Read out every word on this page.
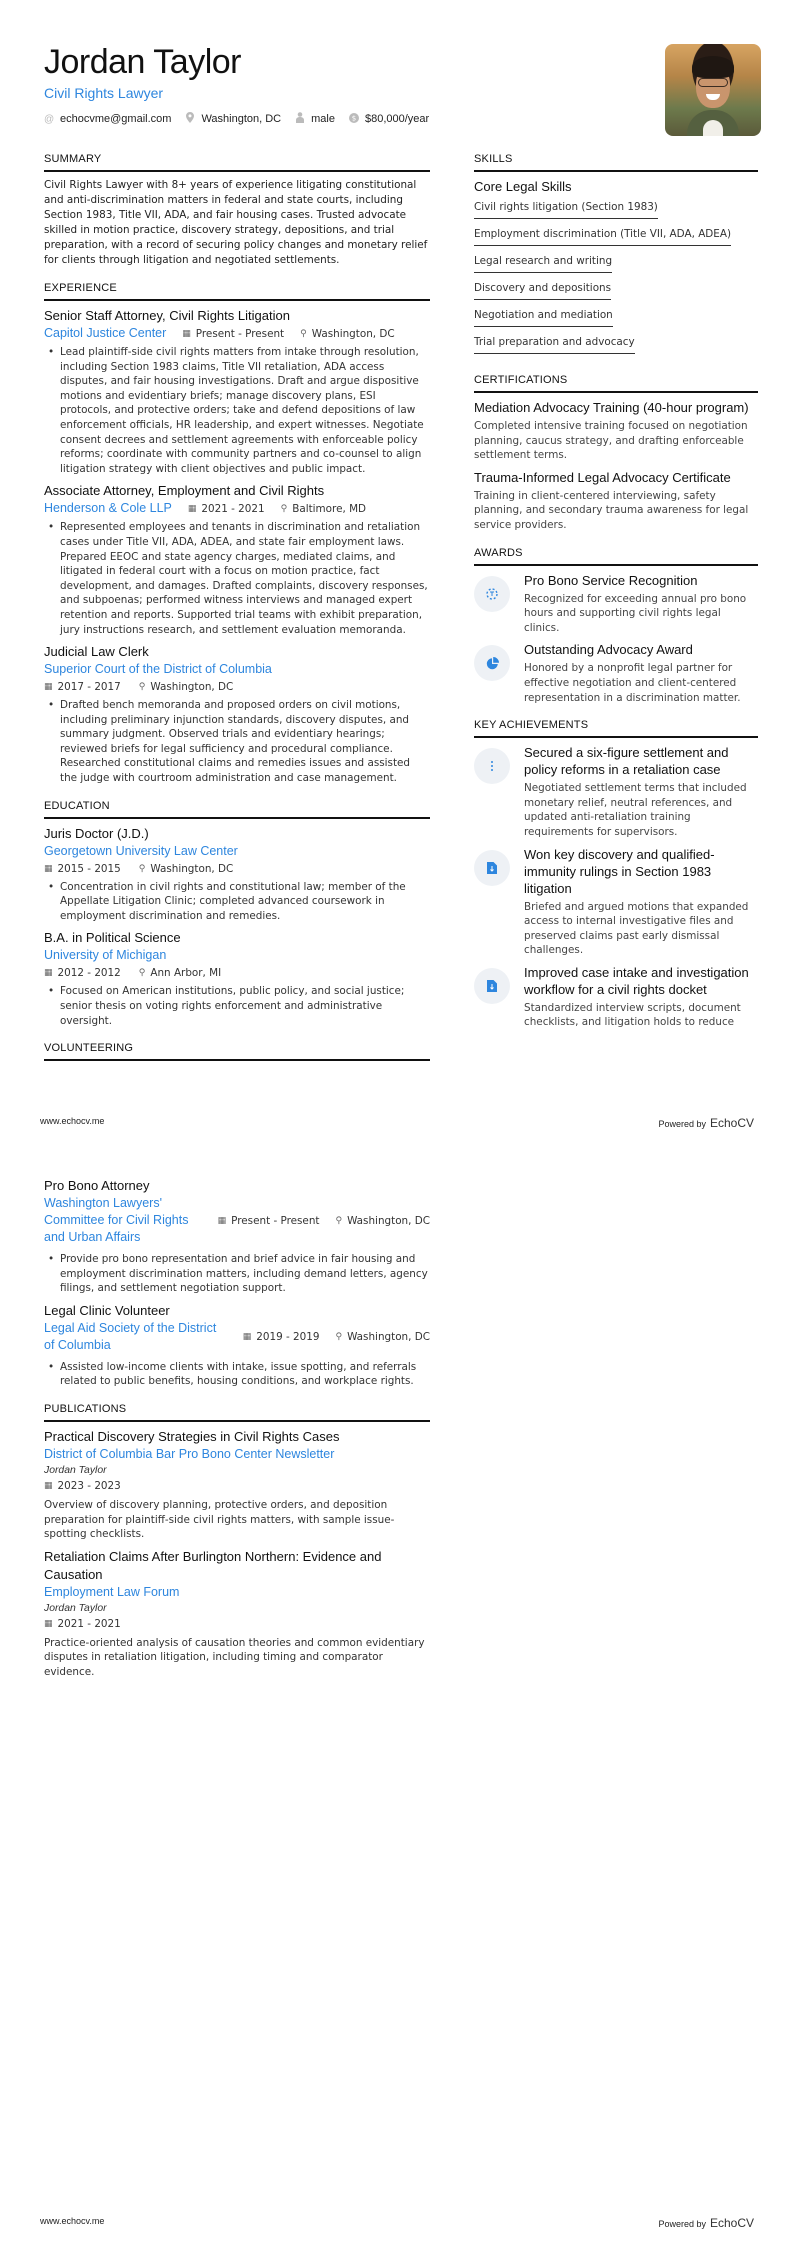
Jordan Taylor
Civil Rights Lawyer
@ echocvme@gmail.com	Washington, DC	male $ $80,000/year
SUMMARY
Civil Rights Lawyer with 8+ years of experience litigating constitutional and anti-discrimination matters in federal and state courts, including Section 1983, Title VII, ADA, and fair housing cases. Trusted advocate skilled in motion practice, discovery strategy, depositions, and trial preparation, with a record of securing policy changes and monetary relief for clients through litigation and negotiated settlements.
EXPERIENCE
Senior Staff Attorney, Civil Rights Litigation
Capitol Justice Center ▦ Present - Present ⚲ Washington, DC
• Lead plaintiff-side civil rights matters from intake through resolution, including Section 1983 claims, Title VII retaliation, ADA access disputes, and fair housing investigations. Draft and argue dispositive motions and evidentiary briefs; manage discovery plans, ESI protocols, and protective orders; take and defend depositions of law enforcement officials, HR leadership, and expert witnesses. Negotiate consent decrees and settlement agreements with enforceable policy reforms; coordinate with community partners and co-counsel to align litigation strategy with client objectives and public impact.
Associate Attorney, Employment and Civil Rights
Henderson & Cole LLP ▦ 2021 - 2021 ⚲ Baltimore, MD
• Represented employees and tenants in discrimination and retaliation cases under Title VII, ADA, ADEA, and state fair employment laws. Prepared EEOC and state agency charges, mediated claims, and litigated in federal court with a focus on motion practice, fact development, and damages. Drafted complaints, discovery responses, and subpoenas; performed witness interviews and managed expert retention and reports. Supported trial teams with exhibit preparation, jury instructions research, and settlement evaluation memoranda.
Judicial Law Clerk
Superior Court of the District of Columbia
▦ 2017 - 2017 ⚲ Washington, DC
• Drafted bench memoranda and proposed orders on civil motions, including preliminary injunction standards, discovery disputes, and summary judgment. Observed trials and evidentiary hearings; reviewed briefs for legal sufficiency and procedural compliance. Researched constitutional claims and remedies issues and assisted the judge with courtroom administration and case management.
EDUCATION
Juris Doctor (J.D.)
Georgetown University Law Center
▦ 2015 - 2015 ⚲ Washington, DC
• Concentration in civil rights and constitutional law; member of the Appellate Litigation Clinic; completed advanced coursework in employment discrimination and remedies.
B.A. in Political Science
University of Michigan
▦ 2012 - 2012 ⚲ Ann Arbor, MI
• Focused on American institutions, public policy, and social justice; senior thesis on voting rights enforcement and administrative oversight.
VOLUNTEERING
SKILLS
Core Legal Skills
Civil rights litigation (Section 1983)
Employment discrimination (Title VII, ADA, ADEA)
Legal research and writing
Discovery and depositions
Negotiation and mediation
Trial preparation and advocacy
CERTIFICATIONS
Mediation Advocacy Training (40-hour program)
Completed intensive training focused on negotiation planning, caucus strategy, and drafting enforceable settlement terms.
Trauma-Informed Legal Advocacy Certificate
Training in client-centered interviewing, safety planning, and secondary trauma awareness for legal service providers.
AWARDS
Pro Bono Service Recognition
Recognized for exceeding annual pro bono hours and supporting civil rights legal clinics.
Outstanding Advocacy Award
Honored by a nonprofit legal partner for effective negotiation and client-centered representation in a discrimination matter.
KEY ACHIEVEMENTS
Secured a six-figure settlement and policy reforms in a retaliation case
Negotiated settlement terms that included monetary relief, neutral references, and updated anti-retaliation training requirements for supervisors.
Won key discovery and qualified-immunity rulings in Section 1983 litigation
Briefed and argued motions that expanded access to internal investigative files and preserved claims past early dismissal challenges.
Improved case intake and investigation workflow for a civil rights docket
Standardized interview scripts, document checklists, and litigation holds to reduce
www.echocv.me	Powered by EchoCV
Pro Bono Attorney
Washington Lawyers' Committee for Civil Rights and Urban Affairs
▦ Present - Present ⚲ Washington, DC
• Provide pro bono representation and brief advice in fair housing and employment discrimination matters, including demand letters, agency filings, and settlement negotiation support.
Legal Clinic Volunteer
Legal Aid Society of the District of Columbia
▦ 2019 - 2019 ⚲ Washington, DC
• Assisted low-income clients with intake, issue spotting, and referrals related to public benefits, housing conditions, and workplace rights.
PUBLICATIONS
Practical Discovery Strategies in Civil Rights Cases
District of Columbia Bar Pro Bono Center Newsletter
Jordan Taylor
▦ 2023 - 2023
Overview of discovery planning, protective orders, and deposition preparation for plaintiff-side civil rights matters, with sample issue-spotting checklists.
Retaliation Claims After Burlington Northern: Evidence and Causation
Employment Law Forum
Jordan Taylor
▦ 2021 - 2021
Practice-oriented analysis of causation theories and common evidentiary disputes in retaliation litigation, including timing and comparator evidence.
www.echocv.me	Powered by EchoCV
